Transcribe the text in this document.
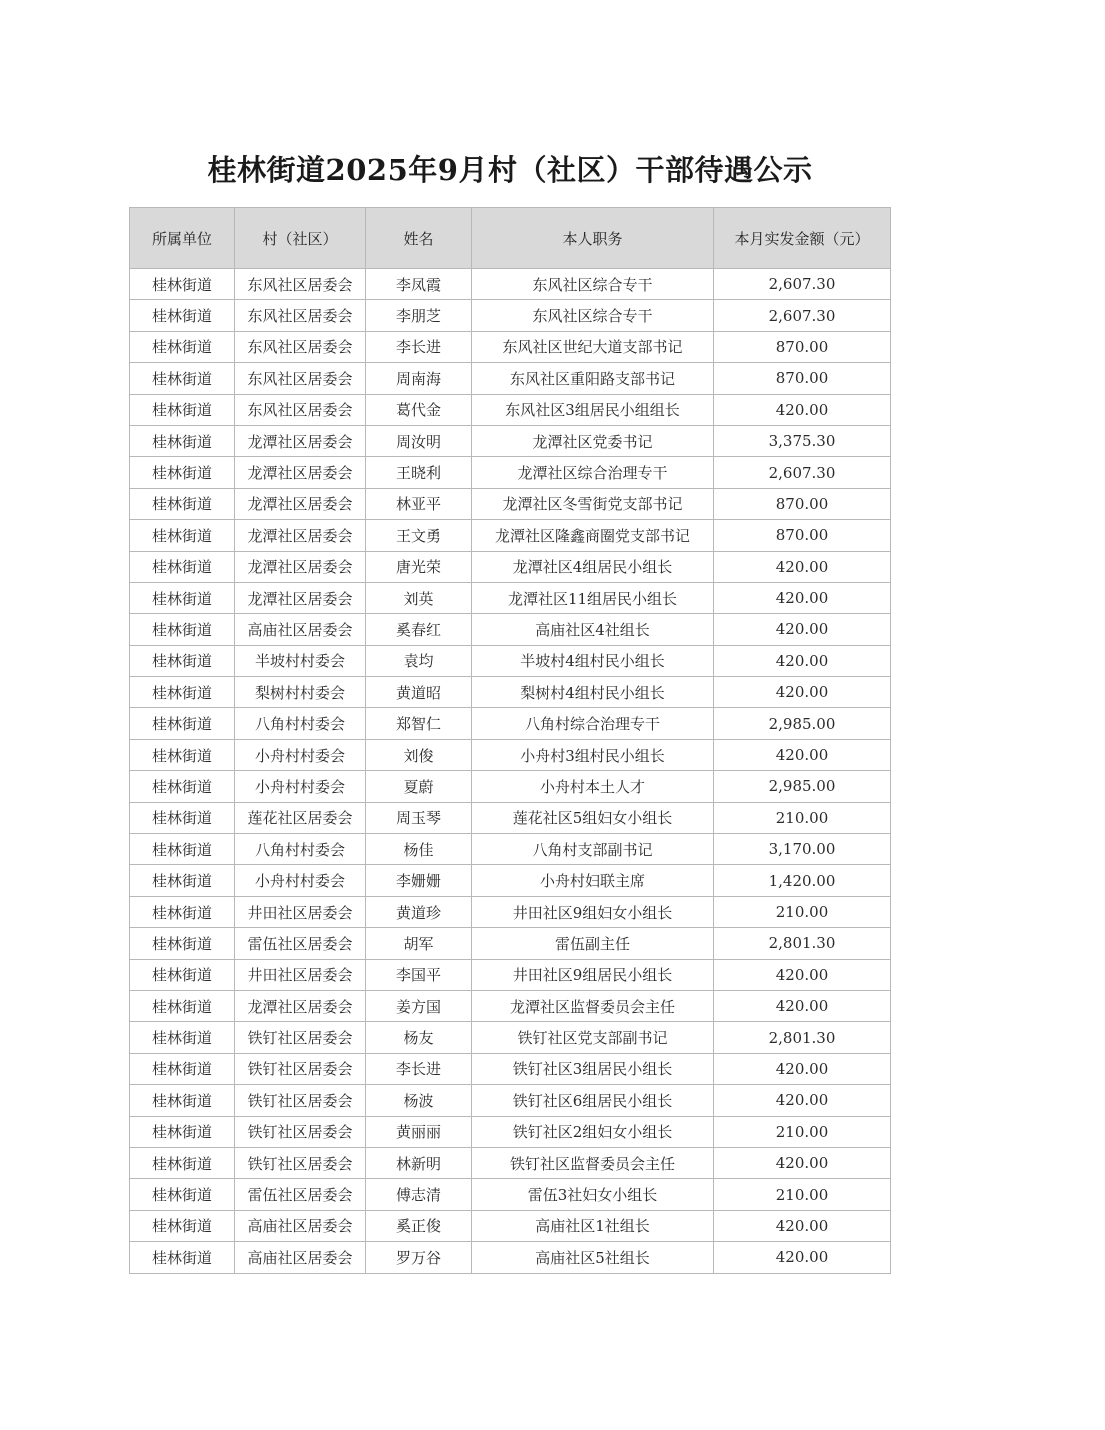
桂林街道2025年9月村（社区）干部待遇公示
所属单位	村（社区）	姓名	本人职务	本月实发金额（元）
桂林街道	东风社区居委会	李凤霞	东风社区综合专干	2,607.30
桂林街道	东风社区居委会	李朋芝	东风社区综合专干	2,607.30
桂林街道	东风社区居委会	李长进	东风社区世纪大道支部书记	870.00
桂林街道	东风社区居委会	周南海	东风社区重阳路支部书记	870.00
桂林街道	东风社区居委会	葛代金	东风社区3组居民小组组长	420.00
桂林街道	龙潭社区居委会	周汝明	龙潭社区党委书记	3,375.30
桂林街道	龙潭社区居委会	王晓利	龙潭社区综合治理专干	2,607.30
桂林街道	龙潭社区居委会	林亚平	龙潭社区冬雪街党支部书记	870.00
桂林街道	龙潭社区居委会	王文勇	龙潭社区隆鑫商圈党支部书记	870.00
桂林街道	龙潭社区居委会	唐光荣	龙潭社区4组居民小组长	420.00
桂林街道	龙潭社区居委会	刘英	龙潭社区11组居民小组长	420.00
桂林街道	高庙社区居委会	奚春红	高庙社区4社组长	420.00
桂林街道	半坡村村委会	袁均	半坡村4组村民小组长	420.00
桂林街道	梨树村村委会	黄道昭	梨树村4组村民小组长	420.00
桂林街道	八角村村委会	郑智仁	八角村综合治理专干	2,985.00
桂林街道	小舟村村委会	刘俊	小舟村3组村民小组长	420.00
桂林街道	小舟村村委会	夏蔚	小舟村本土人才	2,985.00
桂林街道	莲花社区居委会	周玉琴	莲花社区5组妇女小组长	210.00
桂林街道	八角村村委会	杨佳	八角村支部副书记	3,170.00
桂林街道	小舟村村委会	李姗姗	小舟村妇联主席	1,420.00
桂林街道	井田社区居委会	黄道珍	井田社区9组妇女小组长	210.00
桂林街道	雷伍社区居委会	胡军	雷伍副主任	2,801.30
桂林街道	井田社区居委会	李国平	井田社区9组居民小组长	420.00
桂林街道	龙潭社区居委会	姜方国	龙潭社区监督委员会主任	420.00
桂林街道	铁钉社区居委会	杨友	铁钉社区党支部副书记	2,801.30
桂林街道	铁钉社区居委会	李长进	铁钉社区3组居民小组长	420.00
桂林街道	铁钉社区居委会	杨波	铁钉社区6组居民小组长	420.00
桂林街道	铁钉社区居委会	黄丽丽	铁钉社区2组妇女小组长	210.00
桂林街道	铁钉社区居委会	林新明	铁钉社区监督委员会主任	420.00
桂林街道	雷伍社区居委会	傅志清	雷伍3社妇女小组长	210.00
桂林街道	高庙社区居委会	奚正俊	高庙社区1社组长	420.00
桂林街道	高庙社区居委会	罗万谷	高庙社区5社组长	420.00
